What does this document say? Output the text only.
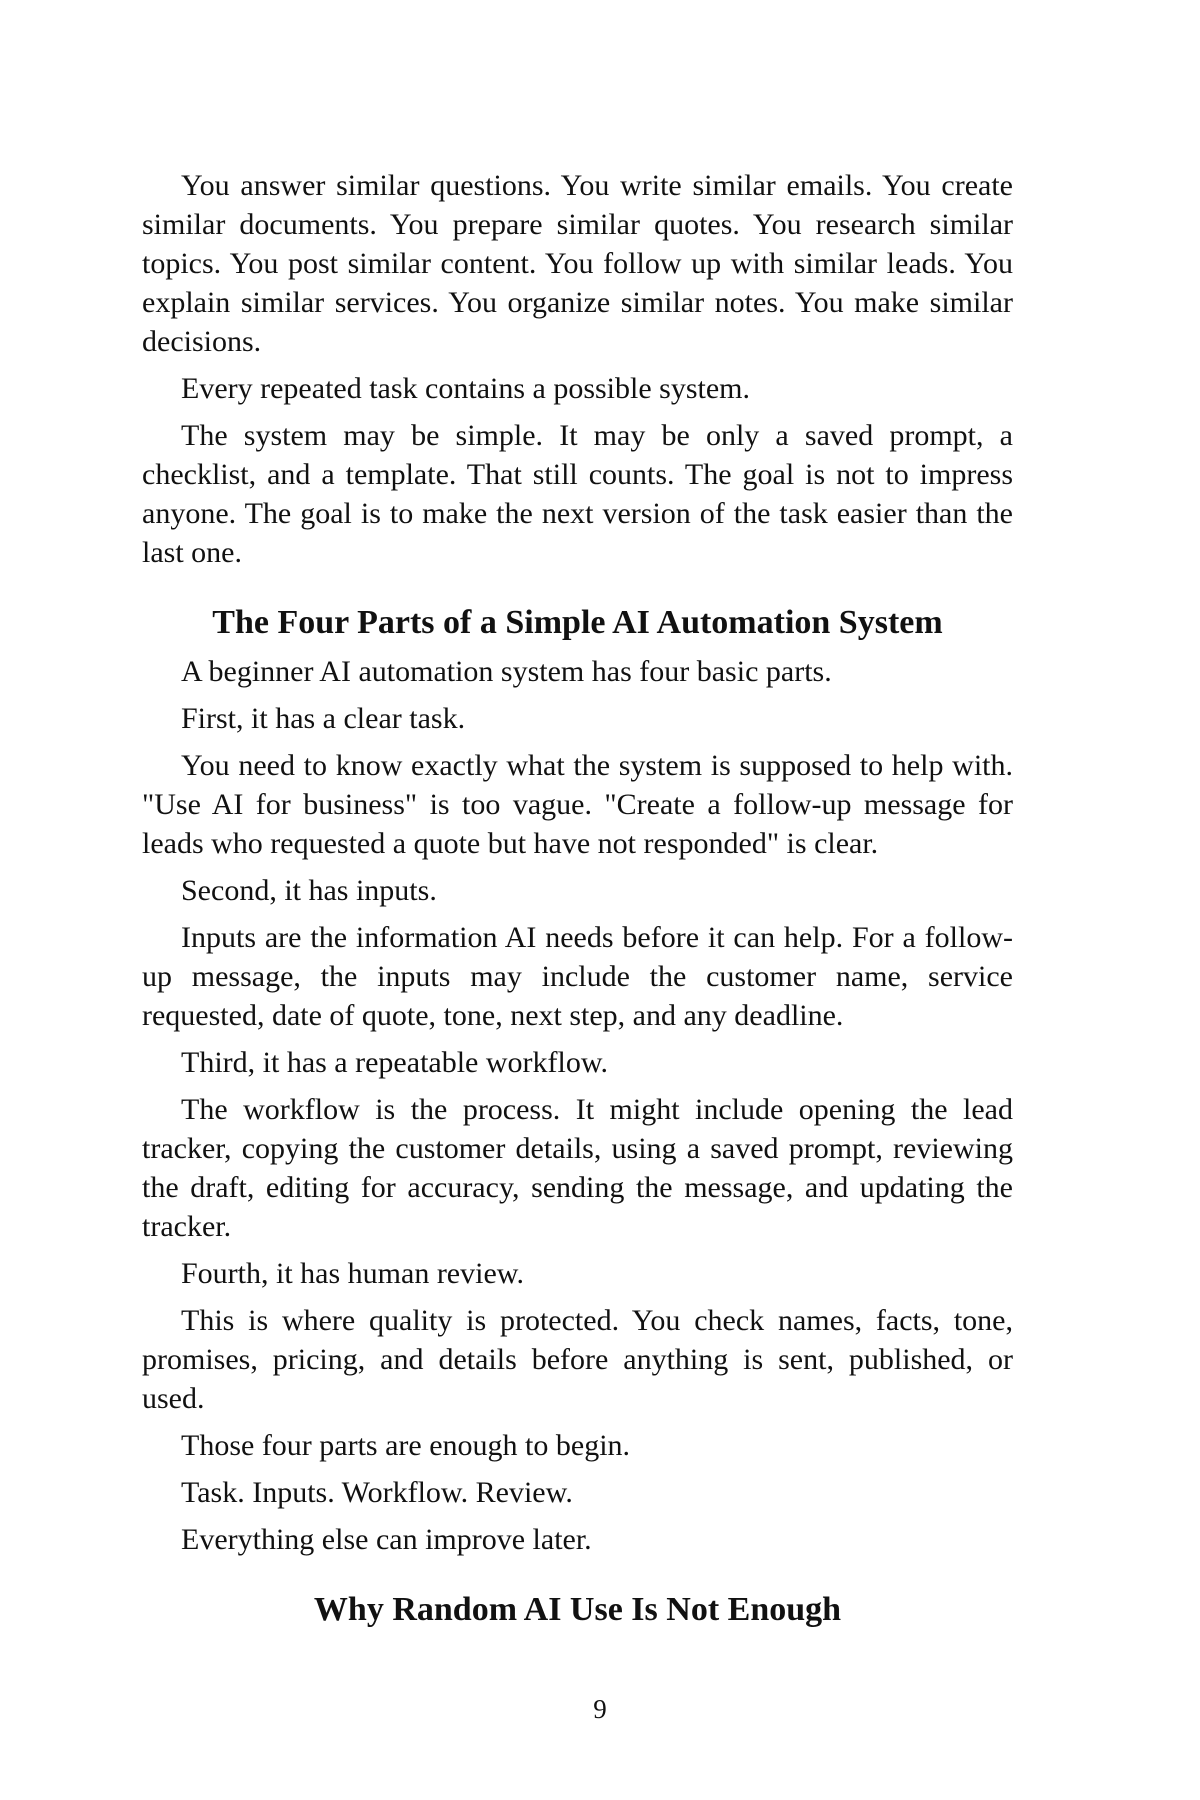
You answer similar questions. You write similar emails. You create similar documents. You prepare similar quotes. You research similar topics. You post similar content. You follow up with similar leads. You explain similar services. You organize similar notes. You make similar decisions.

Every repeated task contains a possible system.

The system may be simple. It may be only a saved prompt, a checklist, and a template. That still counts. The goal is not to impress anyone. The goal is to make the next version of the task easier than the last one.

The Four Parts of a Simple AI Automation System

A beginner AI automation system has four basic parts.

First, it has a clear task.

You need to know exactly what the system is supposed to help with. "Use AI for business" is too vague. "Create a follow-up message for leads who requested a quote but have not responded" is clear.

Second, it has inputs.

Inputs are the information AI needs before it can help. For a follow-up message, the inputs may include the customer name, service requested, date of quote, tone, next step, and any deadline.

Third, it has a repeatable workflow.

The workflow is the process. It might include opening the lead tracker, copying the customer details, using a saved prompt, reviewing the draft, editing for accuracy, sending the message, and updating the tracker.

Fourth, it has human review.

This is where quality is protected. You check names, facts, tone, promises, pricing, and details before anything is sent, published, or used.

Those four parts are enough to begin.

Task. Inputs. Workflow. Review.

Everything else can improve later.

Why Random AI Use Is Not Enough
9
